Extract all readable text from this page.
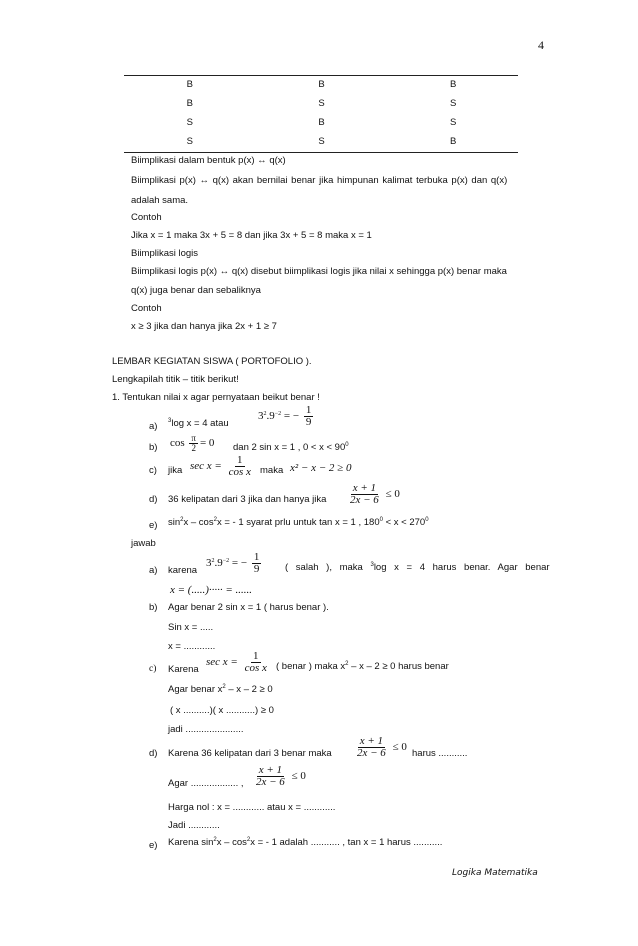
4
B	B	B
B	S	S
S	B	S
S	S	B
Biimplikasi dalam bentuk p(x) ↔ q(x)
Biimplikasi p(x) ↔ q(x) akan bernilai benar jika himpunan kalimat terbuka p(x) dan q(x)
adalah sama.
Contoh
Jika x = 1 maka 3x + 5 = 8 dan jika 3x + 5 = 8 maka x = 1
Biimplikasi logis
Biimplikasi logis p(x) ↔ q(x) disebut biimplikasi logis jika nilai x sehingga p(x) benar maka
q(x) juga benar dan sebaliknya
Contoh
x ≥ 3 jika dan hanya jika 2x + 1 ≥ 7
LEMBAR KEGIATAN SISWA ( PORTOFOLIO ).
Lengkapilah titik – titik berikut!
1. Tentukan nilai x agar pernyataan beikut benar !
a) $^3$log x = 4 atau
$3^2.9^{-2}$ = − $\frac{1}{9}$
b) $\cos \frac{\pi}{2} = 0$ dan 2 sin x = 1 , $0 < x < 90^0$
c) jika $\sec x = \frac{1}{\text{cos x}}$ maka x² − x − 2 ≥ 0
d) 36 kelipatan dari 3 jika dan hanya jika $\frac{x + 1}{2x - 6} \le 0$
e) $\sin^2x - \cos^2x$ = - 1 syarat prlu untuk tan x = 1 , $180^0 < x < 270^0$
jawab
a) karena
$3^2.9^{-2}$ = − $\frac{1}{9}$ ( salah ), maka $^3$log x = 4 harus benar. Agar benar
x = (.....)····· = ......
b) Agar benar 2 sin x = 1 ( harus benar ).
Sin x = .....
x = ............
c) Karena
$\sec x = \frac{1}{\text{cos x}}$ ( benar ) maka $x^2 - x - 2 \ge 0$ harus benar
Agar benar $x^2 - x - 2 \ge 0$
( x ..........)( x ...........) ≥ 0
jadi ......................
d) Karena 36 kelipatan dari 3 benar maka $\frac{x + 1}{2x - 6} \le 0$
harus ...........
Agar .................. , $\frac{x + 1}{2x - 6} \le 0$
Harga nol : x = ............ atau x = ............
Jadi ............
e) Karena $\sin^2x - \cos^2x$ = - 1 adalah ........... , tan x = 1 harus ...........
Logika Matematika
